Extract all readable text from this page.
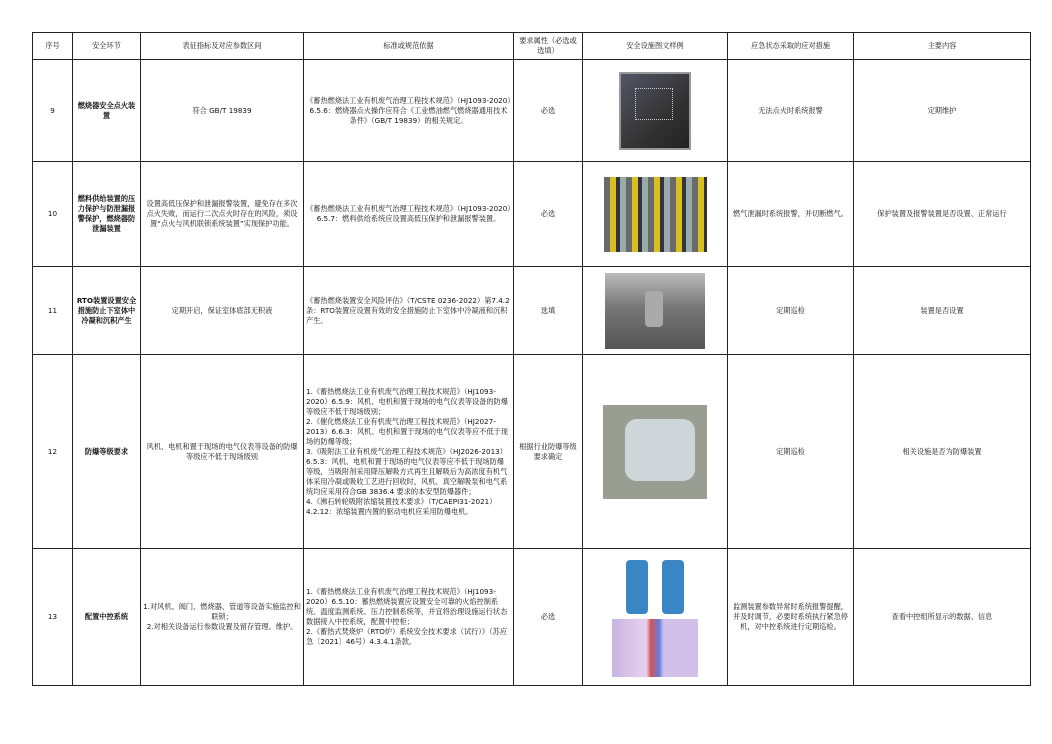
序号	安全环节	表征指标及对应参数区间	标准或规范依据	要求属性（必选或选填）	安全设施图文样例	应急状态采取的应对措施	主要内容
9	燃烧器安全点火装置	符合 GB/T 19839	《蓄热燃烧法工业有机废气治理工程技术规范》（HJ1093-2020）6.5.6：燃烧器点火操作应符合《工业燃油燃气燃烧器通用技术条件》（GB/T 19839）的相关规定。	必选		无法点火时系统报警	定期维护
10	燃料供给装置的压力保护与防泄漏报警保护，燃烧器防泄漏装置	设置高低压保护和泄漏报警装置，避免存在多次点火失败，而运行二次点火时存在的风险，须设置“点火与风机联锁系统装置”实现保护功能。	《蓄热燃烧法工业有机废气治理工程技术规范》（HJ1093-2020）6.5.7：燃料供给系统应设置高低压保护和泄漏报警装置。	必选		燃气泄漏时系统报警，并切断燃气。	保护装置及报警装置是否设置、正常运行
11	RTO装置设置安全措施防止下室体中冷凝和沉积产生	定期开启，保证室体底部无积液	《蓄热燃烧装置安全风险评估》（T/CSTE 0236-2022）第7.4.2条：RTO装置应设置有效的安全措施防止下室体中冷凝液和沉积产生。	选填		定期巡检	装置是否设置
12	防爆等级要求	风机、电机和置于现场的电气仪表等设备的防爆等级应不低于现场级别	1.《蓄热燃烧法工业有机废气治理工程技术规范》（HJ1093-2020）6.5.9：风机、电机和置于现场的电气仪表等设备的防爆等级应不低于现场级别；
2.《催化燃烧法工业有机废气治理工程技术规范》（HJ2027-2013）6.6.3：风机、电机和置于现场的电气仪表等应不低于现场的防爆等级；
3.《吸附法工业有机废气治理工程技术规范》（HJ2026-2013）6.5.3：风机、电机和置于现场的电气仪表等应不低于现场防爆等级，当吸附剂采用降压解吸方式再生且解吸后为高浓度有机气体采用冷凝或吸收工艺进行回收时，风机、真空解吸泵和电气系统均应采用符合GB 3836.4 要求的本安型防爆器件；
4.《沸石转轮吸附浓缩装置技术要求》（T/CAEPI31-2021）4.2.12：浓缩装置内置的驱动电机应采用防爆电机。	根据行业防爆等级要求确定		定期巡检	相关设施是否为防爆装置
13	配置中控系统	1.对风机、阀门、燃烧器、管道等设备实施监控和联锁；
2.对相关设备运行参数设置及留存管理、维护。	1.《蓄热燃烧法工业有机废气治理工程技术规范》（HJ1093-2020）6.5.10：蓄热燃烧装置应设置安全可靠的火焰控制系统、温度监测系统、压力控制系统等，并宜将治理设施运行状态数据接入中控系统，配置中控柜；
2.《蓄热式焚烧炉（RTO炉）系统安全技术要求（试行）》（苏应急〔2021〕46号）4.3.4.1条款。	必选		监测装置参数异常时系统报警提醒，并及时调节，必要时系统执行紧急停机，对中控系统进行定期巡检。	查看中控组所显示的数据、信息
